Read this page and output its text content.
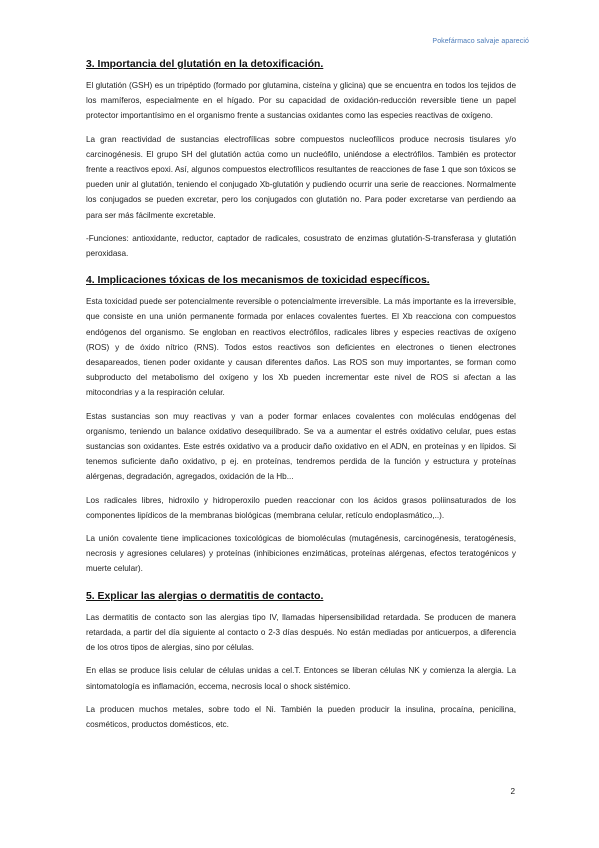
Pokefármaco salvaje apareció
3. Importancia del glutatión en la detoxificación.

El glutatión (GSH) es un tripéptido (formado por glutamina, cisteína y glicina) que se encuentra en todos los tejidos de los mamíferos, especialmente en el hígado. Por su capacidad de oxidación-reducción reversible tiene un papel protector importantísimo en el organismo frente a sustancias oxidantes como las especies reactivas de oxígeno.

La gran reactividad de sustancias electrofílicas sobre compuestos nucleofílicos produce necrosis tisulares y/o carcinogénesis. El grupo SH del glutatión actúa como un nucleófilo, uniéndose a electrófilos. También es protector frente a reactivos epoxi. Así, algunos compuestos electrofílicos resultantes de reacciones de fase 1 que son tóxicos se pueden unir al glutatión, teniendo el conjugado Xb-glutatión y pudiendo ocurrir una serie de reacciones. Normalmente los conjugados se pueden excretar, pero los conjugados con glutatión no. Para poder excretarse van perdiendo aa para ser más fácilmente excretable.

-Funciones: antioxidante, reductor, captador de radicales, cosustrato de enzimas glutatión-S-transferasa y glutatión peroxidasa.

4. Implicaciones tóxicas de los mecanismos de toxicidad específicos.

Esta toxicidad puede ser potencialmente reversible o potencialmente irreversible. La más importante es la irreversible, que consiste en una unión permanente formada por enlaces covalentes fuertes. El Xb reacciona con compuestos endógenos del organismo. Se engloban en reactivos electrófilos, radicales libres y especies reactivas de oxígeno (ROS) y de óxido nítrico (RNS). Todos estos reactivos son deficientes en electrones o tienen electrones desapareados, tienen poder oxidante y causan diferentes daños. Las ROS son muy importantes, se forman como subproducto del metabolismo del oxígeno y los Xb pueden incrementar este nivel de ROS si afectan a las mitocondrias y a la respiración celular.

Estas sustancias son muy reactivas y van a poder formar enlaces covalentes con moléculas endógenas del organismo, teniendo un balance oxidativo desequilibrado. Se va a aumentar el estrés oxidativo celular, pues estas sustancias son oxidantes. Este estrés oxidativo va a producir daño oxidativo en el ADN, en proteínas y en lípidos. Si tenemos suficiente daño oxidativo, p ej. en proteínas, tendremos perdida de la función y estructura y proteínas alérgenas, degradación, agregados, oxidación de la Hb...

Los radicales libres, hidroxilo y hidroperoxilo pueden reaccionar con los ácidos grasos poliinsaturados de los componentes lipídicos de la membranas biológicas (membrana celular, retículo endoplasmático,..).

La unión covalente tiene implicaciones toxicológicas de biomoléculas (mutagénesis, carcinogénesis, teratogénesis, necrosis y agresiones celulares) y proteínas (inhibiciones enzimáticas, proteínas alérgenas, efectos teratogénicos y muerte celular).

5. Explicar las alergias o dermatitis de contacto.

Las dermatitis de contacto son las alergias tipo IV, llamadas hipersensibilidad retardada. Se producen de manera retardada, a partir del día siguiente al contacto o 2-3 días después. No están mediadas por anticuerpos, a diferencia de los otros tipos de alergias, sino por células.

En ellas se produce lisis celular de células unidas a cel.T. Entonces se liberan células NK y comienza la alergia. La sintomatología es inflamación, eccema, necrosis local o shock sistémico.

La producen muchos metales, sobre todo el Ni. También la pueden producir la insulina, procaína, penicilina, cosméticos, productos domésticos, etc.

2
